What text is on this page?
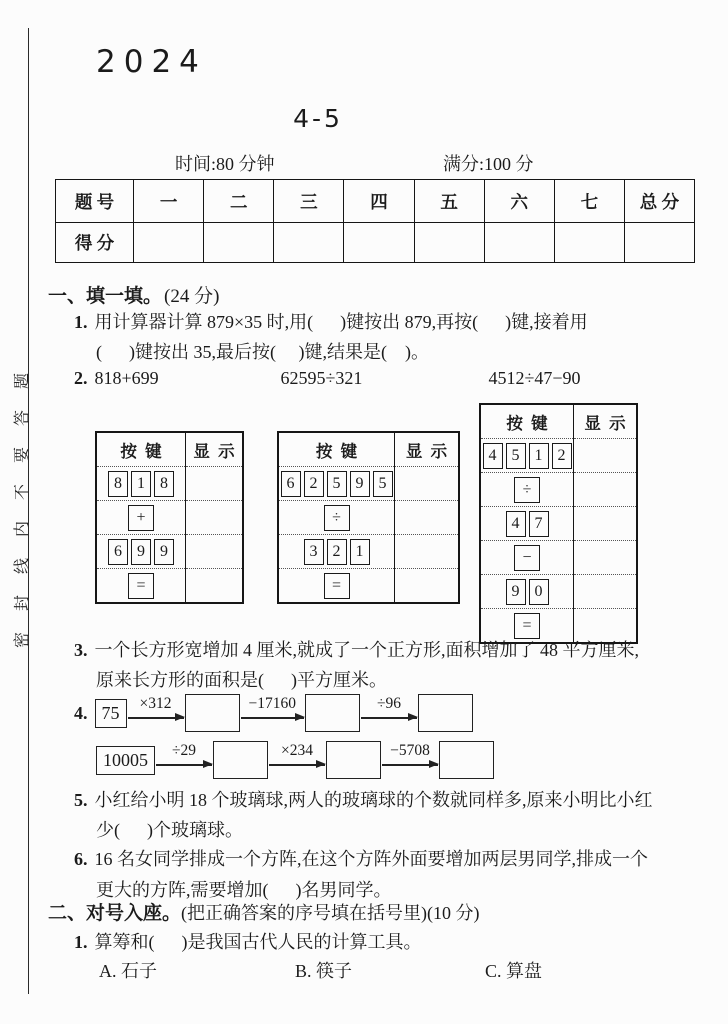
密封线内不要答题
2024
4-5
时间:80 分钟	满分:100 分
题 号	一	二	三	四	五	六	七	总 分
得 分								
一、填一填。 (24 分)
1. 用计算器计算 879×35 时,用(      )键按出 879,再按(      )键,接着用
(      )键按出 35,最后按(     )键,结果是(    )。
2. 818+699	62595÷321	4512÷47−90
按  键	显  示
8 1 8	
+	
6 9 9	
=	
按  键	显  示
6 2 5 9 5	
÷	
3 2 1	
=	
按  键	显  示
4 5 1 2	
÷	
4 7	
−	
9 0	
=	
3. 一个长方形宽增加 4 厘米,就成了一个正方形,面积增加了 48 平方厘米,
原来长方形的面积是(      )平方厘米。
4. 75	×312	−17160	÷96
10005	÷29	×234	−5708
5. 小红给小明 18 个玻璃球,两人的玻璃球的个数就同样多,原来小明比小红
少(      )个玻璃球。
6. 16 名女同学排成一个方阵,在这个方阵外面要增加两层男同学,排成一个
更大的方阵,需要增加(      )名男同学。
二、对号入座。(把正确答案的序号填在括号里)(10 分)
1. 算筹和(      )是我国古代人民的计算工具。
A. 石子	B. 筷子	C. 算盘
